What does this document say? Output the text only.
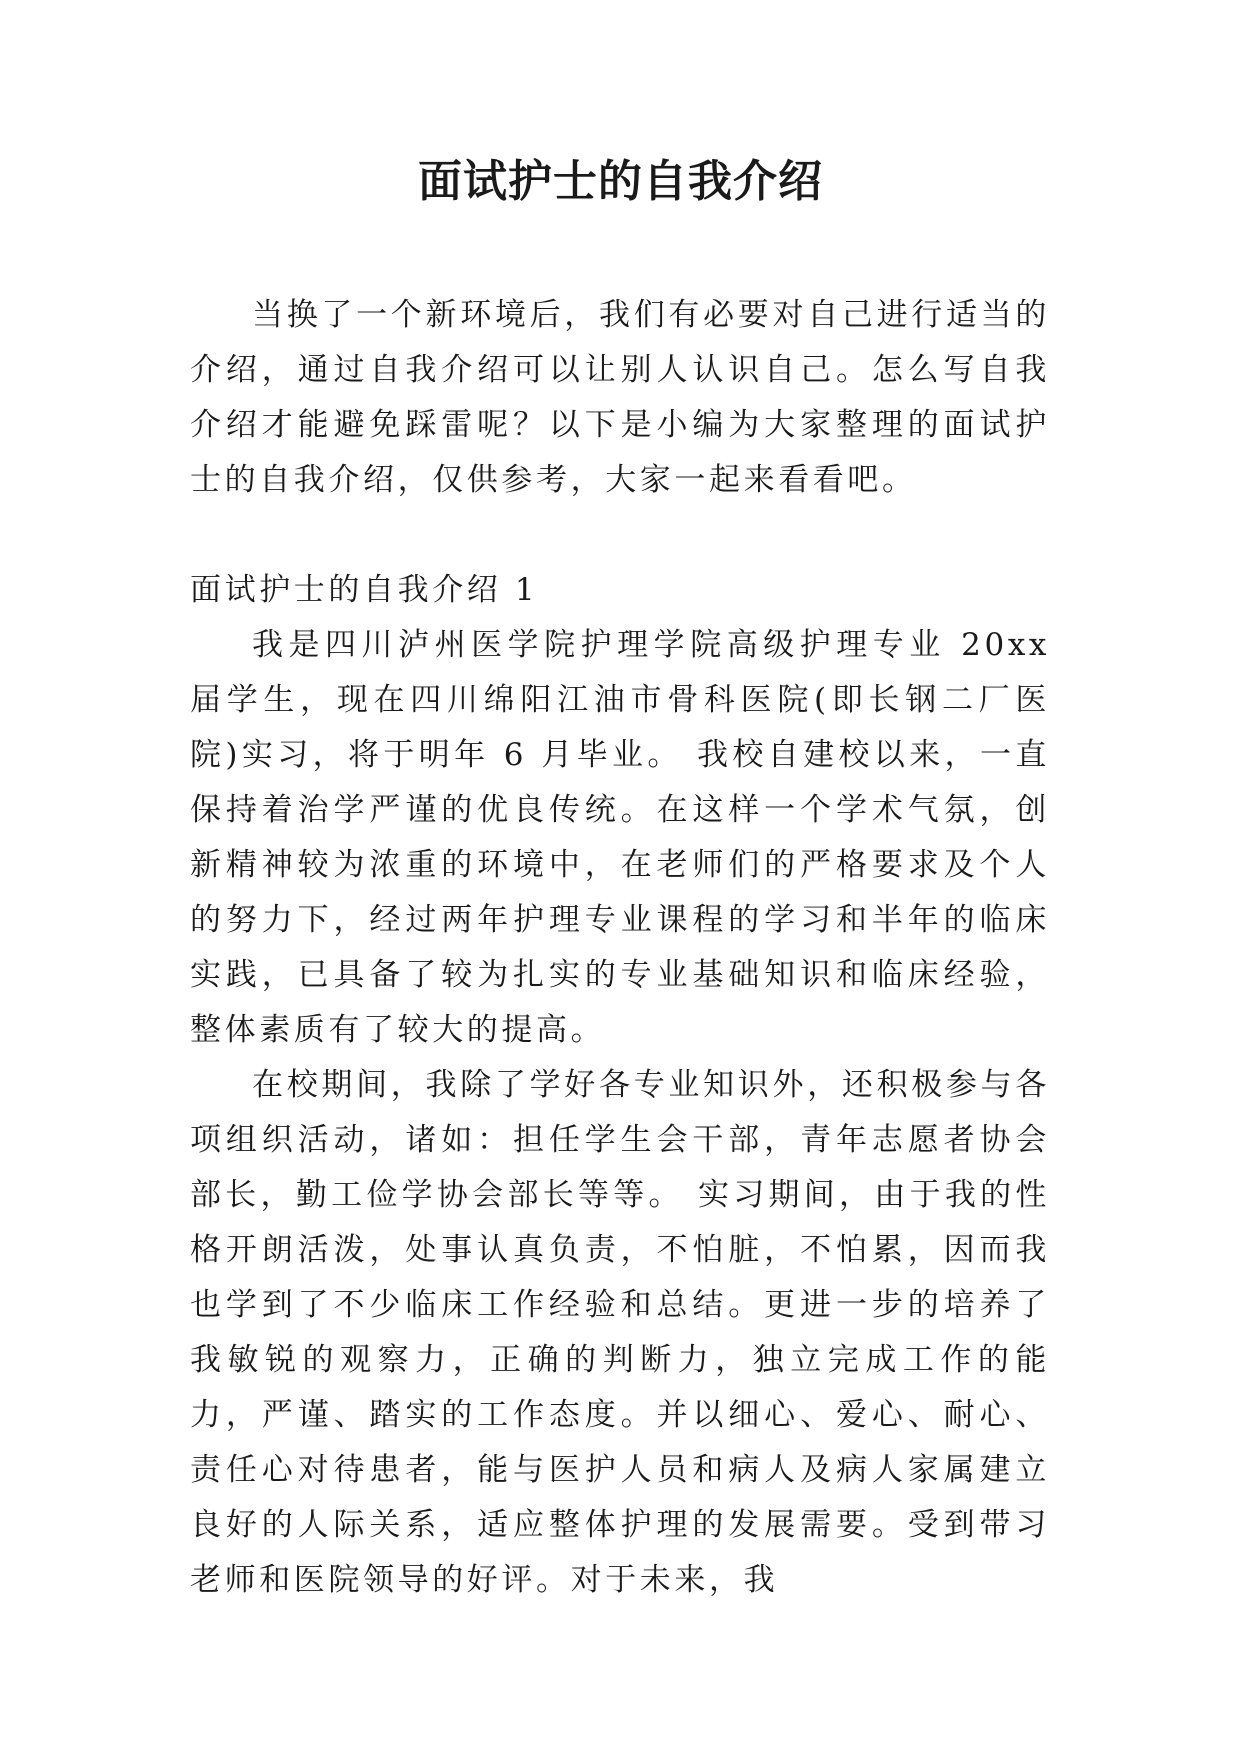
面试护士的自我介绍

当换了一个新环境后，我们有必要对自己进行适当的介绍，通过自我介绍可以让别人认识自己。怎么写自我介绍才能避免踩雷呢？以下是小编为大家整理的面试护士的自我介绍，仅供参考，大家一起来看看吧。

面试护士的自我介绍 1

我是四川泸州医学院护理学院高级护理专业 20xx 届学生，现在四川绵阳江油市骨科医院(即长钢二厂医院)实习，将于明年 6 月毕业。 我校自建校以来，一直保持着治学严谨的优良传统。在这样一个学术气氛，创新精神较为浓重的环境中，在老师们的严格要求及个人的努力下，经过两年护理专业课程的学习和半年的临床实践，已具备了较为扎实的专业基础知识和临床经验，整体素质有了较大的提高。

在校期间，我除了学好各专业知识外，还积极参与各项组织活动，诸如：担任学生会干部，青年志愿者协会部长，勤工俭学协会部长等等。 实习期间，由于我的性格开朗活泼，处事认真负责，不怕脏，不怕累，因而我也学到了不少临床工作经验和总结。更进一步的培养了我敏锐的观察力，正确的判断力，独立完成工作的能力，严谨、踏实的工作态度。并以细心、爱心、耐心、责任心对待患者，能与医护人员和病人及病人家属建立良好的人际关系，适应整体护理的发展需要。受到带习老师和医院领导的好评。对于未来，我
